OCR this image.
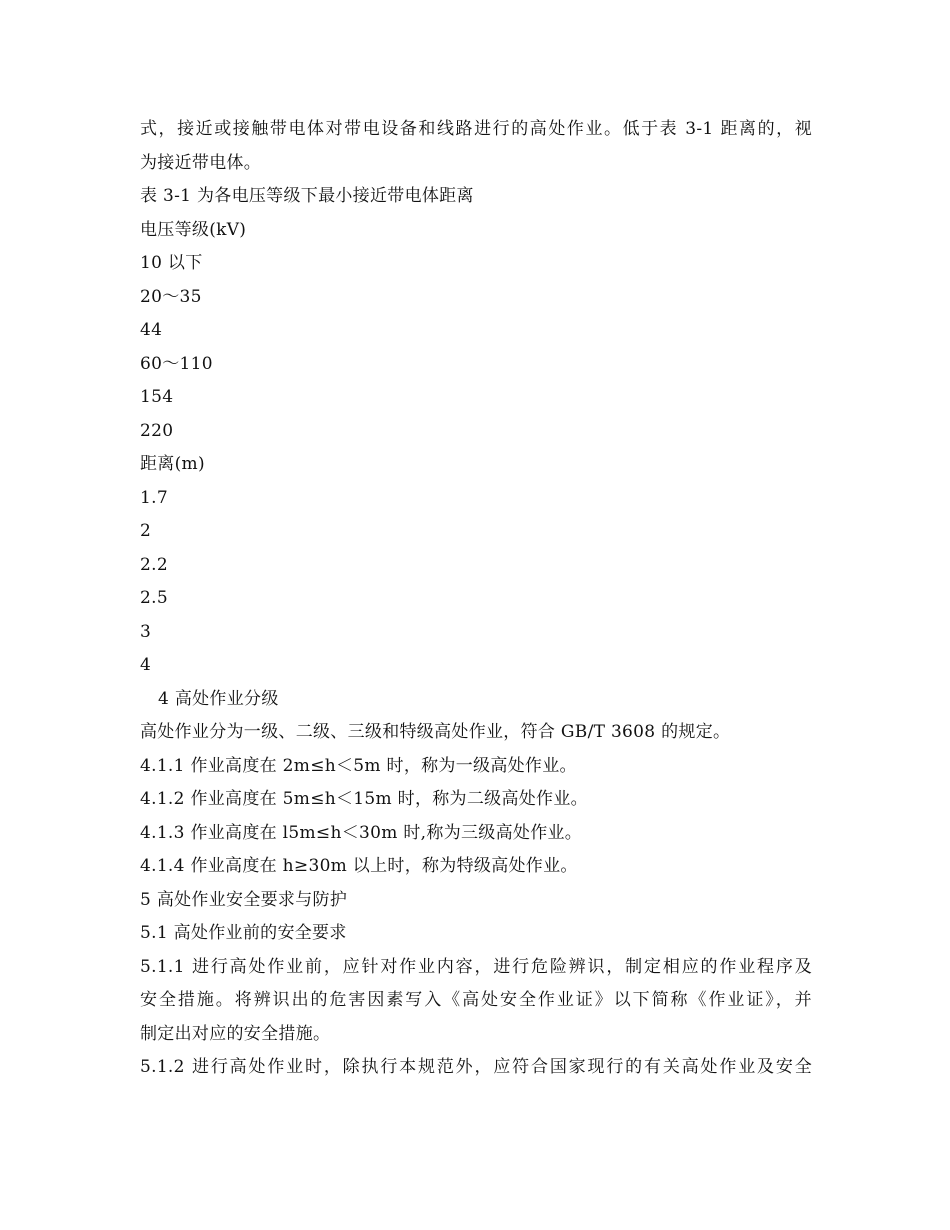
式，接近或接触带电体对带电设备和线路进行的高处作业。低于表 3-1 距离的，视
为接近带电体。
表 3-1 为各电压等级下最小接近带电体距离
电压等级(kV)
10 以下
20～35
44
60～110
154
220
距离(m)
1.7
2
2.2
2.5
3
4
4 高处作业分级
高处作业分为一级、二级、三级和特级高处作业，符合 GB/T 3608 的规定。
4.1.1 作业高度在 2m≤h＜5m 时，称为一级高处作业。
4.1.2 作业高度在 5m≤h＜15m 时，称为二级高处作业。
4.1.3 作业高度在 l5m≤h＜30m 时,称为三级高处作业。
4.1.4 作业高度在 h≥30m 以上时，称为特级高处作业。
5 高处作业安全要求与防护
5.1 高处作业前的安全要求
5.1.1 进行高处作业前，应针对作业内容，进行危险辨识，制定相应的作业程序及
安全措施。将辨识出的危害因素写入《高处安全作业证》以下简称《作业证》，并
制定出对应的安全措施。
5.1.2 进行高处作业时，除执行本规范外，应符合国家现行的有关高处作业及安全
